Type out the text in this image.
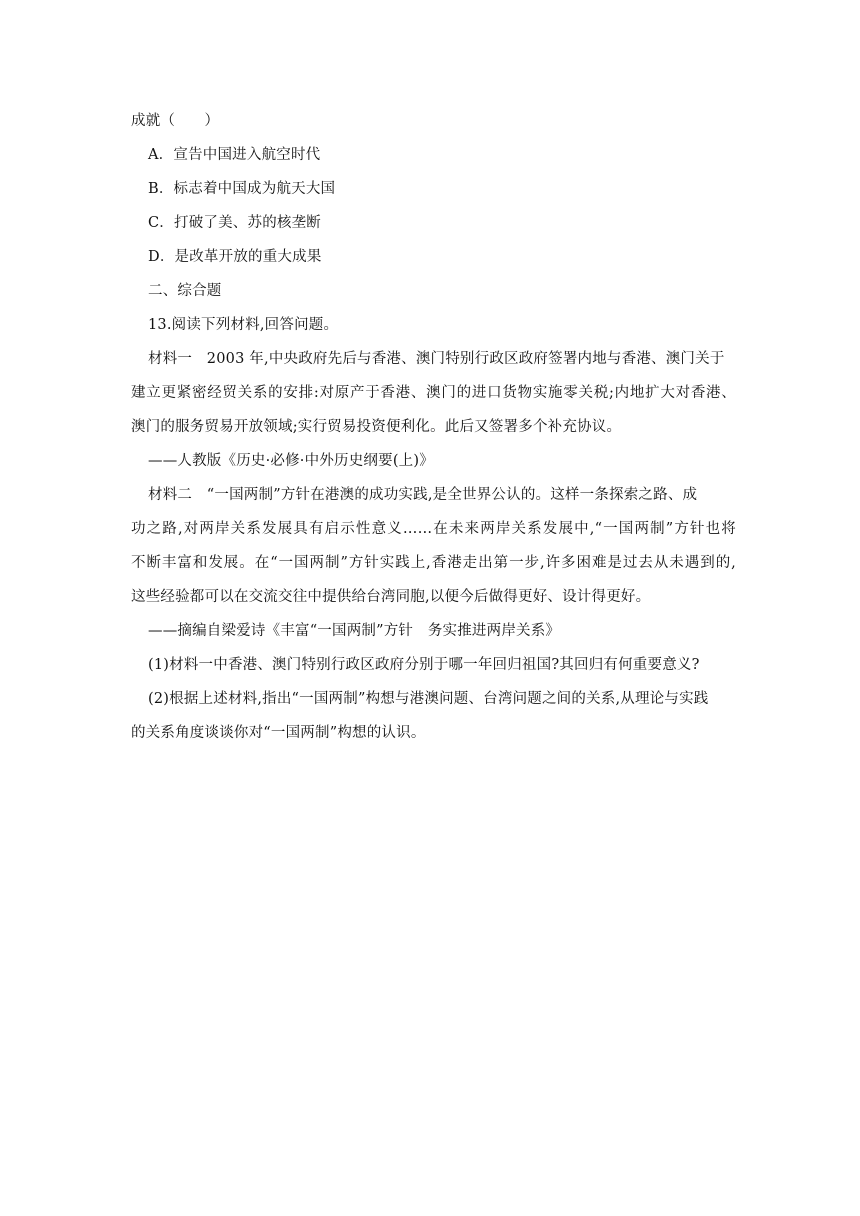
成就（　　）
A．宣告中国进入航空时代
B．标志着中国成为航天大国
C．打破了美、苏的核垄断
D．是改革开放的重大成果
二、综合题
13.阅读下列材料,回答问题。
材料一　2003 年,中央政府先后与香港、澳门特别行政区政府签署内地与香港、澳门关于
建立更紧密经贸关系的安排:对原产于香港、澳门的进口货物实施零关税;内地扩大对香港、
澳门的服务贸易开放领域;实行贸易投资便利化。此后又签署多个补充协议。
——人教版《历史·必修·中外历史纲要(上)》
材料二　“一国两制”方针在港澳的成功实践,是全世界公认的。这样一条探索之路、成
功之路,对两岸关系发展具有启示性意义……在未来两岸关系发展中,“一国两制”方针也将
不断丰富和发展。在“一国两制”方针实践上,香港走出第一步,许多困难是过去从未遇到的,
这些经验都可以在交流交往中提供给台湾同胞,以便今后做得更好、设计得更好。
——摘编自梁爱诗《丰富“一国两制”方针　务实推进两岸关系》
(1)材料一中香港、澳门特别行政区政府分别于哪一年回归祖国?其回归有何重要意义?
(2)根据上述材料,指出“一国两制”构想与港澳问题、台湾问题之间的关系,从理论与实践
的关系角度谈谈你对“一国两制”构想的认识。
